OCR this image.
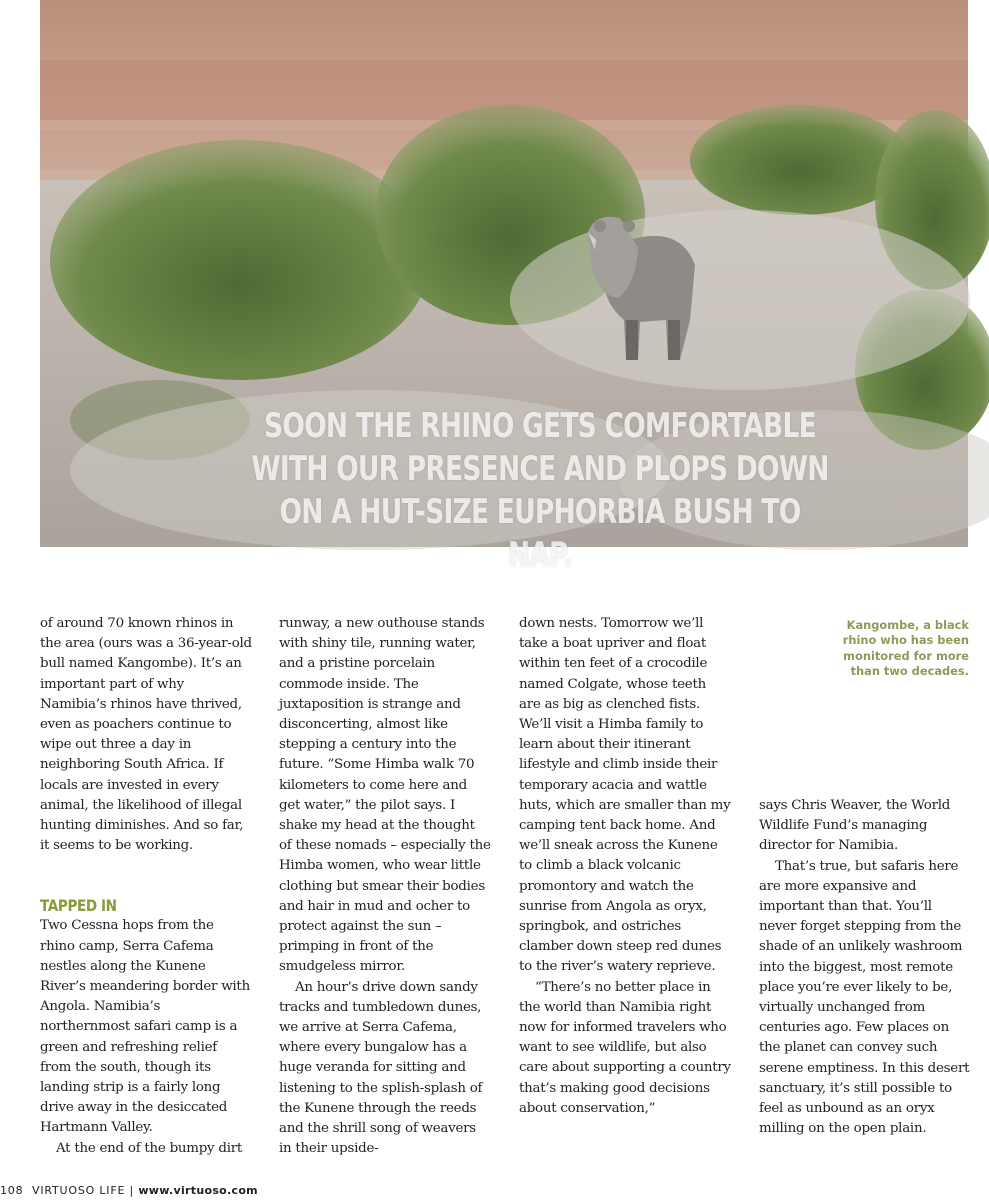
SOON THE RHINO GETS COMFORTABLE WITH OUR PRESENCE AND PLOPS DOWN ON A HUT-SIZE EUPHORBIA BUSH TO NAP.

of around 70 known rhinos in the area (ours was a 36-year-old bull named Kangombe). It’s an important part of why Namibia’s rhinos have thrived, even as poachers continue to wipe out three a day in neighboring South Africa. If locals are invested in every animal, the likelihood of illegal hunting diminishes. And so far, it seems to be working.

TAPPED IN

Two Cessna hops from the rhino camp, Serra Cafema nestles along the Kunene River’s meandering border with Angola. Namibia’s northernmost safari camp is a green and refreshing relief from the south, though its landing strip is a fairly long drive away in the desiccated Hartmann Valley.

At the end of the bumpy dirt

runway, a new outhouse stands with shiny tile, running water, and a pristine porcelain commode inside. The juxtaposition is strange and disconcerting, almost like stepping a century into the future. “Some Himba walk 70 kilometers to come here and get water,” the pilot says. I shake my head at the thought of these nomads – especially the Himba women, who wear little clothing but smear their bodies and hair in mud and ocher to protect against the sun – primping in front of the smudgeless mirror.

An hour’s drive down sandy tracks and tumbledown dunes, we arrive at Serra Cafema, where every bungalow has a huge veranda for sitting and listening to the splish-splash of the Kunene through the reeds and the shrill song of weavers in their upside-

down nests. Tomorrow we’ll take a boat upriver and float within ten feet of a crocodile named Colgate, whose teeth are as big as clenched fists. We’ll visit a Himba family to learn about their itinerant lifestyle and climb inside their temporary acacia and wattle huts, which are smaller than my camping tent back home. And we’ll sneak across the Kunene to climb a black volcanic promontory and watch the sunrise from Angola as oryx, springbok, and ostriches clamber down steep red dunes to the river’s watery reprieve.

“There’s no better place in the world than Namibia right now for informed travelers who want to see wildlife, but also care about supporting a country that’s making good decisions about conservation,”

says Chris Weaver, the World Wildlife Fund’s managing director for Namibia.

That’s true, but safaris here are more expansive and important than that. You’ll never forget stepping from the shade of an unlikely washroom into the biggest, most remote place you’re ever likely to be, virtually unchanged from centuries ago. Few places on the planet can convey such serene emptiness. In this desert sanctuary, it’s still possible to feel as unbound as an oryx milling on the open plain.

Kangombe, a black rhino who has been monitored for more than two decades.
108 VIRTUOSO LIFE | www.virtuoso.com
